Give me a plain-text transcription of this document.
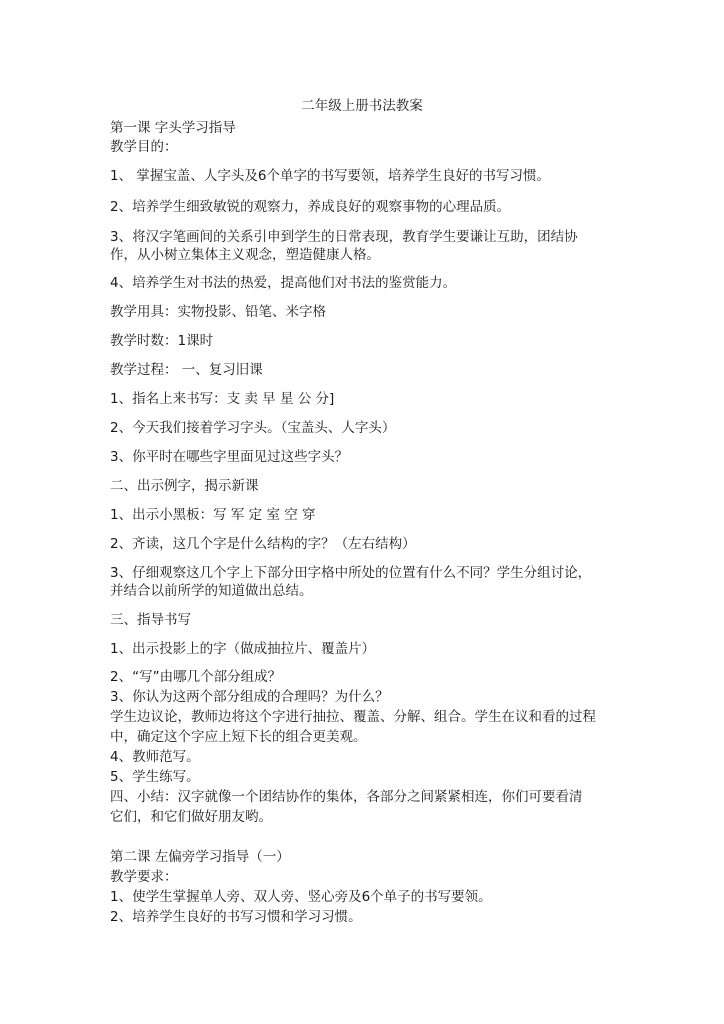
二年级上册书法教案
第一课 字头学习指导
教学目的：
1、 掌握宝盖、人字头及6个单字的书写要领，培养学生良好的书写习惯。
2、培养学生细致敏锐的观察力，养成良好的观察事物的心理品质。
3、将汉字笔画间的关系引申到学生的日常表现，教育学生要谦让互助，团结协
作，从小树立集体主义观念，塑造健康人格。
4、培养学生对书法的热爱，提高他们对书法的鉴赏能力。
教学用具：实物投影、铅笔、米字格
教学时数：1课时
教学过程： 一、复习旧课
1、指名上来书写：支 卖 早 星 公 分]
2、今天我们接着学习字头。（宝盖头、人字头）
3、你平时在哪些字里面见过这些字头？
二、出示例字，揭示新课
1、出示小黑板：写 军 定 室 空 穿
2、齐读，这几个字是什么结构的字？（左右结构）
3、仔细观察这几个字上下部分田字格中所处的位置有什么不同？学生分组讨论，
并结合以前所学的知道做出总结。
三、指导书写
1、出示投影上的字（做成抽拉片、覆盖片）
2、“写”由哪几个部分组成？
3、你认为这两个部分组成的合理吗？为什么？
学生边议论，教师边将这个字进行抽拉、覆盖、分解、组合。学生在议和看的过程
中，确定这个字应上短下长的组合更美观。
4、教师范写。
5、学生练写。
四、小结：汉字就像一个团结协作的集体，各部分之间紧紧相连，你们可要看清
它们，和它们做好朋友哟。
第二课 左偏旁学习指导（一）
教学要求：
1、使学生掌握单人旁、双人旁、竖心旁及6个单子的书写要领。
2、培养学生良好的书写习惯和学习习惯。
